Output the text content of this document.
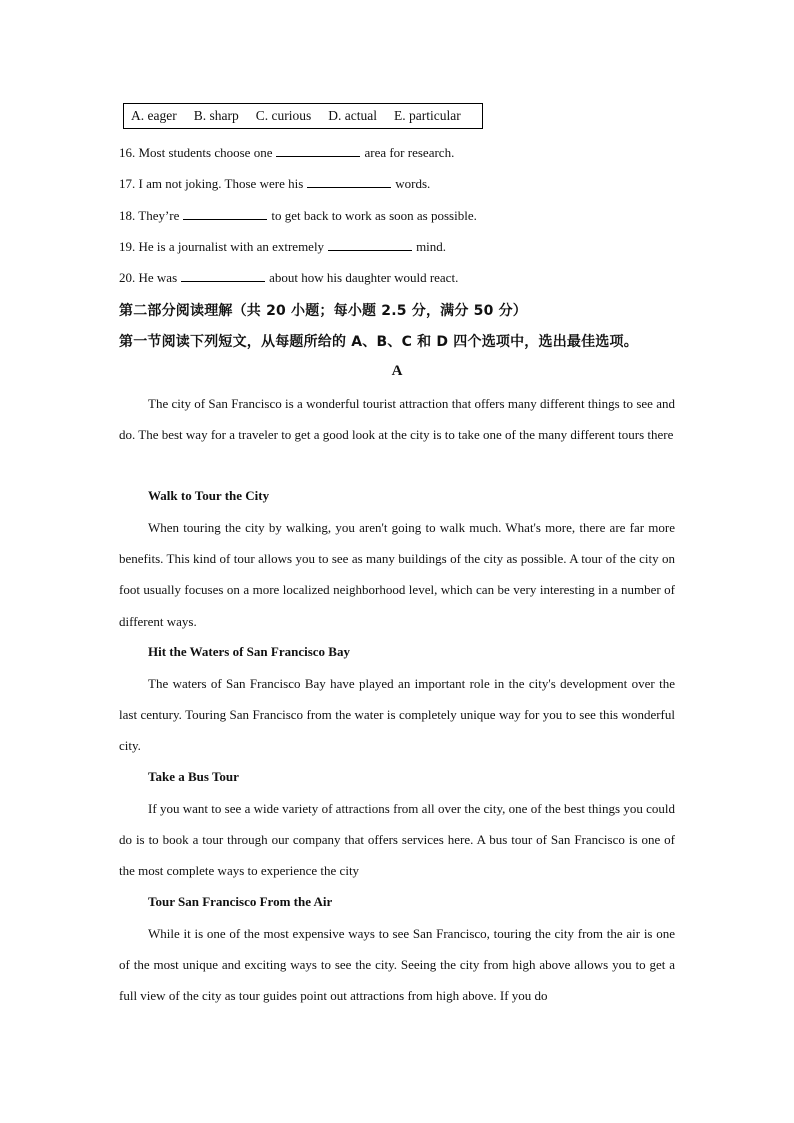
A. eager B. sharp C. curious D. actual E. particular
16. Most students choose one	area for research.
17. I am not joking. Those were his	words.
18. They’re	to get back to work as soon as possible.
19. He is a journalist with an extremely	mind.
20. He was	about how his daughter would react.
第二部分阅读理解（共 20 小题；每小题 2.5 分，满分 50 分）
第一节阅读下列短文，从每题所给的 A、B、C 和 D 四个选项中，选出最佳选项。
A

The city of San Francisco is a wonderful tourist attraction that offers many different things to see and do. The best way for a traveler to get a good look at the city is to take one of the many different tours there

Walk to Tour the City

When touring the city by walking, you aren't going to walk much. What's more, there are far more benefits. This kind of tour allows you to see as many buildings of the city as possible. A tour of the city on foot usually focuses on a more localized neighborhood level, which can be very interesting in a number of different ways.

Hit the Waters of San Francisco Bay

The waters of San Francisco Bay have played an important role in the city's development over the last century. Touring San Francisco from the water is completely unique way for you to see this wonderful city.

Take a Bus Tour

If you want to see a wide variety of attractions from all over the city, one of the best things you could do is to book a tour through our company that offers services here. A bus tour of San Francisco is one of the most complete ways to experience the city

Tour San Francisco From the Air

While it is one of the most expensive ways to see San Francisco, touring the city from the air is one of the most unique and exciting ways to see the city. Seeing the city from high above allows you to get a full view of the city as tour guides point out attractions from high above. If you do
